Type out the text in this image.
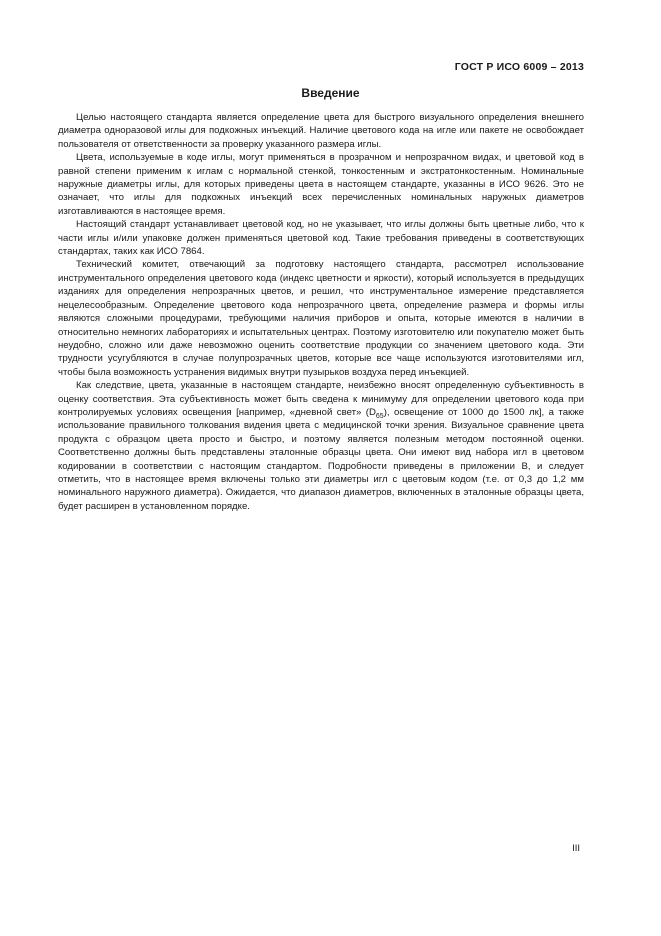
ГОСТ Р ИСО 6009 – 2013
Введение

Целью настоящего стандарта является определение цвета для быстрого визуального определения внешнего диаметра одноразовой иглы для подкожных инъекций. Наличие цветового кода на игле или пакете не освобождает пользователя от ответственности за проверку указанного размера иглы.

Цвета, используемые в коде иглы, могут применяться в прозрачном и непрозрачном видах, и цветовой код в равной степени применим к иглам с нормальной стенкой, тонкостенным и экстратонкостенным. Номинальные наружные диаметры иглы, для которых приведены цвета в настоящем стандарте, указанны в ИСО 9626. Это не означает, что иглы для подкожных инъекций всех перечисленных номинальных наружных диаметров изготавливаются в настоящее время.

Настоящий стандарт устанавливает цветовой код, но не указывает, что иглы должны быть цветные либо, что к части иглы и/или упаковке должен применяться цветовой код. Такие требования приведены в соответствующих стандартах, таких как ИСО 7864.

Технический комитет, отвечающий за подготовку настоящего стандарта, рассмотрел использование инструментального определения цветового кода (индекс цветности и яркости), который используется в предыдущих изданиях для определения непрозрачных цветов, и решил, что инструментальное измерение представляется нецелесообразным. Определение цветового кода непрозрачного цвета, определение размера и формы иглы являются сложными процедурами, требующими наличия приборов и опыта, которые имеются в наличии в относительно немногих лабораториях и испытательных центрах. Поэтому изготовителю или покупателю может быть неудобно, сложно или даже невозможно оценить соответствие продукции со значением цветового кода. Эти трудности усугубляются в случае полупрозрачных цветов, которые все чаще используются изготовителями игл, чтобы была возможность устранения видимых внутри пузырьков воздуха перед инъекцией.

Как следствие, цвета, указанные в настоящем стандарте, неизбежно вносят определенную субъективность в оценку соответствия. Эта субъективность может быть сведена к минимуму для определении цветового кода при контролируемых условиях освещения [например, «дневной свет» $(D_{65})$, освещение от 1000 до 1500 лк], а также использование правильного толкования видения цвета с медицинской точки зрения. Визуальное сравнение цвета продукта с образцом цвета просто и быстро, и поэтому является полезным методом постоянной оценки. Соответственно должны быть представлены эталонные образцы цвета. Они имеют вид набора игл в цветовом кодировании в соответствии с настоящим стандартом. Подробности приведены в приложении В, и следует отметить, что в настоящее время включены только эти диаметры игл с цветовым кодом (т.е. от 0,3 до 1,2 мм номинального наружного диаметра). Ожидается, что диапазон диаметров, включенных в эталонные образцы цвета, будет расширен в установленном порядке.

III
